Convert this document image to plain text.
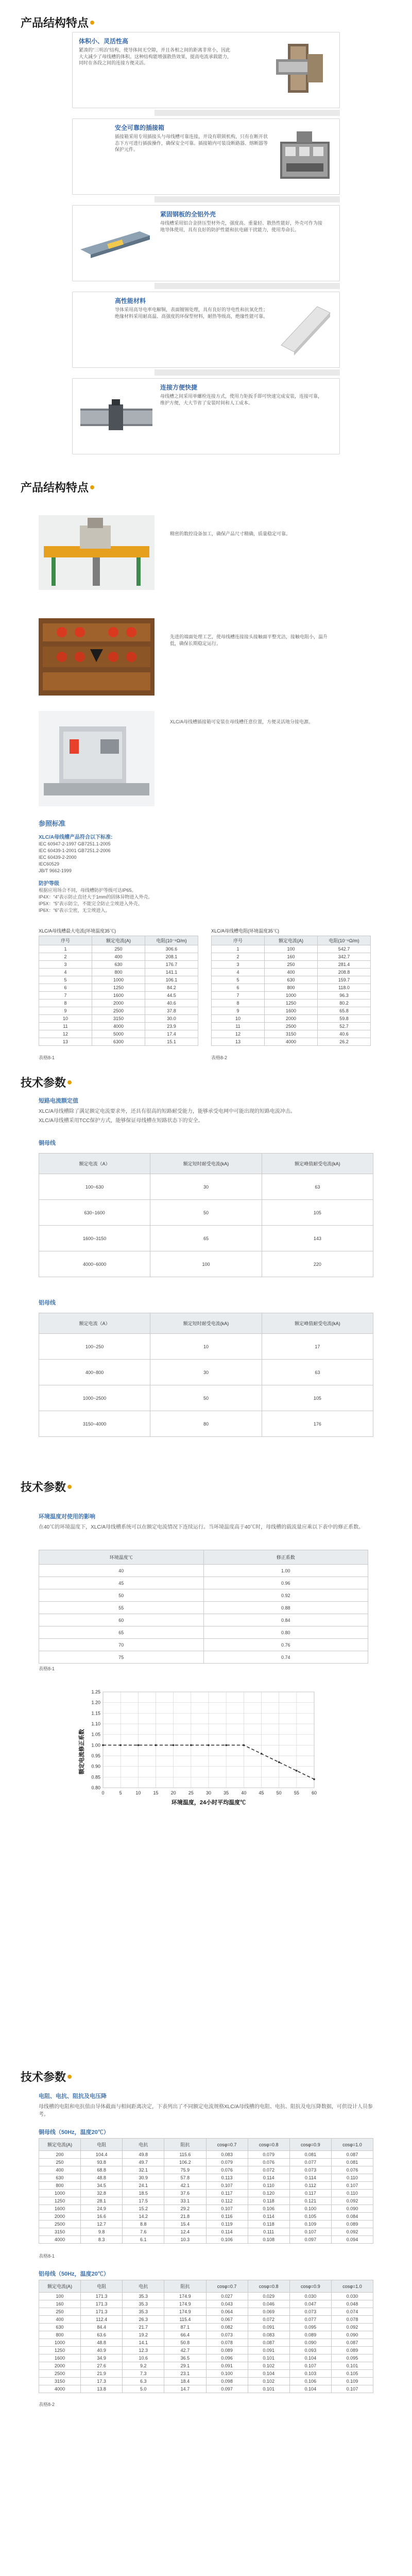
产品结构特点•
体积小、灵活性高
紧凑的“三明治”结构，使导体间无空隙，并且各相之间的距离非常小，因此大大减少了母线槽的体积。这种结构能增强散热效果，提高电流承载能力，同时在各段之间的连接方便灵活。
安全可靠的插接箱
插接箱采用专用插接头与母线槽可靠连接，并设有联锁机构，只有在断开状态下方可进行插拔操作，确保安全可靠。插接箱内可装设断路器、熔断器等保护元件。
紧固钢板的全铝外壳
母线槽采用铝合金挤压型材外壳，强度高、重量轻、散热性能好，外壳可作为接地导体使用，具有良好的防护性能和抗电磁干扰能力，使用寿命长。
高性能材料
导体采用高导电率电解铜，表面镀锡处理，具有良好的导电性和抗氧化性；绝缘材料采用耐高温、高强度的环保型材料，耐热等级高，绝缘性能可靠。
连接方便快捷
母线槽之间采用单螺栓连接方式，使用力矩扳手即可快速完成安装，连接可靠，维护方便，大大节省了安装时间和人工成本。
产品结构特点•
精密的数控设备加工，确保产品尺寸精确，质量稳定可靠。
先进的端面处理工艺，使母线槽连接接头接触面平整光洁，接触电阻小，温升低，确保长期稳定运行。
XLC/A母线槽插接箱可安装在母线槽任意位置，方便灵活地分接电源。
参照标准
XLC/A母线槽产品符合以下标准:
IEC 60947-2-1997 GB7251.1-2005
IEC 60439-1-2001 GB7251.2-2006
IEC 60439-2-2000
IEC60529
JB/T 9662-1999
防护等级
根据应用场合不同，母线槽防护等级可达IP65。
IP4X：“4”表示防止直径大于1mm的固体异物进入外壳。
IP5X：“5”表示防尘，不能完全防止尘埃进入外壳。
IP6X：“6”表示尘密，无尘埃进入。
XLC/A母线槽最大电流(环境温度35℃)
序号	额定电流(A)	电阻(10⁻⁶Ω/m)
1	250	306.6
2	400	208.1
3	630	176.7
4	800	141.1
5	1000	106.1
6	1250	84.2
7	1600	44.5
8	2000	40.6
9	2500	37.8
10	3150	30.0
11	4000	23.9
12	5000	17.4
13	6300	15.1
表格8-1
XLC/A母线槽电阻(环境温度35℃)
序号	额定电流(A)	电阻(10⁻⁶Ω/m)
1	100	542.7
2	160	342.7
3	250	281.4
4	400	208.8
5	630	159.7
6	800	118.0
7	1000	96.3
8	1250	80.2
9	1600	65.8
10	2000	59.8
11	2500	52.7
12	3150	40.6
13	4000	26.2
表格8-2
技术参数•
短路电流额定值
XLC/A母线槽除了满足额定电流要求外，还具有很高的短路耐受能力，能够承受电网中可能出现的短路电流冲击。
XLC/A母线槽采用TCC保护方式，能够保证母线槽在短路状态下的安全。
铜母线
额定电流（A）	额定短时耐受电流(kA)	额定峰值耐受电流(kA)
100~630	30	63
630~1600	50	105
1600~3150	65	143
4000~6000	100	220
铝母线
额定电流（A）	额定短时耐受电流(kA)	额定峰值耐受电流(kA)
100~250	10	17
400~800	30	63
1000~2500	50	105
3150~4000	80	176
技术参数•
环境温度对使用的影响
在40℃的环境温度下，XLC/A母线槽系统可以在额定电流情况下连续运行。当环境温度高于40℃时，母线槽的载流量应乘以下表中的修正系数。
环境温度℃	修正系数
40	1.00
45	0.96
50	0.92
55	0.88
60	0.84
65	0.80
70	0.76
75	0.74
表格8-1
0.80
0.85
0.90
0.95
1.00
1.05
1.10
1.15
1.20
1.25
0	5	10	15	20	25	30	35	40	45	50	55	60
额定电流修正系数
环境温度，24小时平均温度℃
技术参数•
电阻、电抗、阻抗及电压降
母线槽的电阻和电抗值由导体截面与相间距离决定，下表列出了不同额定电流规格XLC/A母线槽的电阻、电抗、阻抗及电压降数据，可供设计人员参考。
铜母线（50Hz，温度20℃）
额定电流(A)	电阻	电抗	阻抗	cosφ=0.7	cosφ=0.8	cosφ=0.9	cosφ=1.0
200	104.4	49.8	115.6	0.083	0.079	0.081	0.087
250	93.8	49.7	106.2	0.079	0.076	0.077	0.081
400	68.8	32.1	75.9	0.076	0.072	0.073	0.076
630	48.8	30.9	57.8	0.113	0.114	0.114	0.110
800	34.5	24.1	42.1	0.107	0.110	0.112	0.107
1000	32.8	18.5	37.6	0.117	0.120	0.117	0.110
1250	28.1	17.5	33.1	0.112	0.118	0.121	0.092
1600	24.9	15.2	29.2	0.107	0.106	0.100	0.090
2000	16.6	14.2	21.8	0.116	0.114	0.105	0.084
2500	12.7	8.8	15.4	0.119	0.118	0.109	0.089
3150	9.8	7.6	12.4	0.114	0.111	0.107	0.092
4000	8.3	6.1	10.3	0.106	0.108	0.097	0.094
表格8-1
铝母线（50Hz，温度20℃）
额定电流(A)	电阻	电抗	阻抗	cosφ=0.7	cosφ=0.8	cosφ=0.9	cosφ=1.0
100	171.3	35.3	174.9	0.027	0.029	0.030	0.030
160	171.3	35.3	174.9	0.043	0.046	0.047	0.048
250	171.3	35.3	174.9	0.064	0.069	0.073	0.074
400	112.4	26.3	115.4	0.067	0.072	0.077	0.078
630	84.4	21.7	87.1	0.082	0.091	0.095	0.092
800	63.6	19.2	66.4	0.073	0.083	0.089	0.090
1000	48.8	14.1	50.8	0.078	0.087	0.090	0.087
1250	40.9	12.3	42.7	0.089	0.091	0.093	0.089
1600	34.9	10.6	36.5	0.096	0.101	0.104	0.095
2000	27.6	9.2	29.1	0.091	0.102	0.107	0.101
2500	21.9	7.3	23.1	0.100	0.104	0.103	0.105
3150	17.3	6.3	18.4	0.098	0.102	0.106	0.109
4000	13.8	5.0	14.7	0.097	0.101	0.104	0.107
表格8-2
